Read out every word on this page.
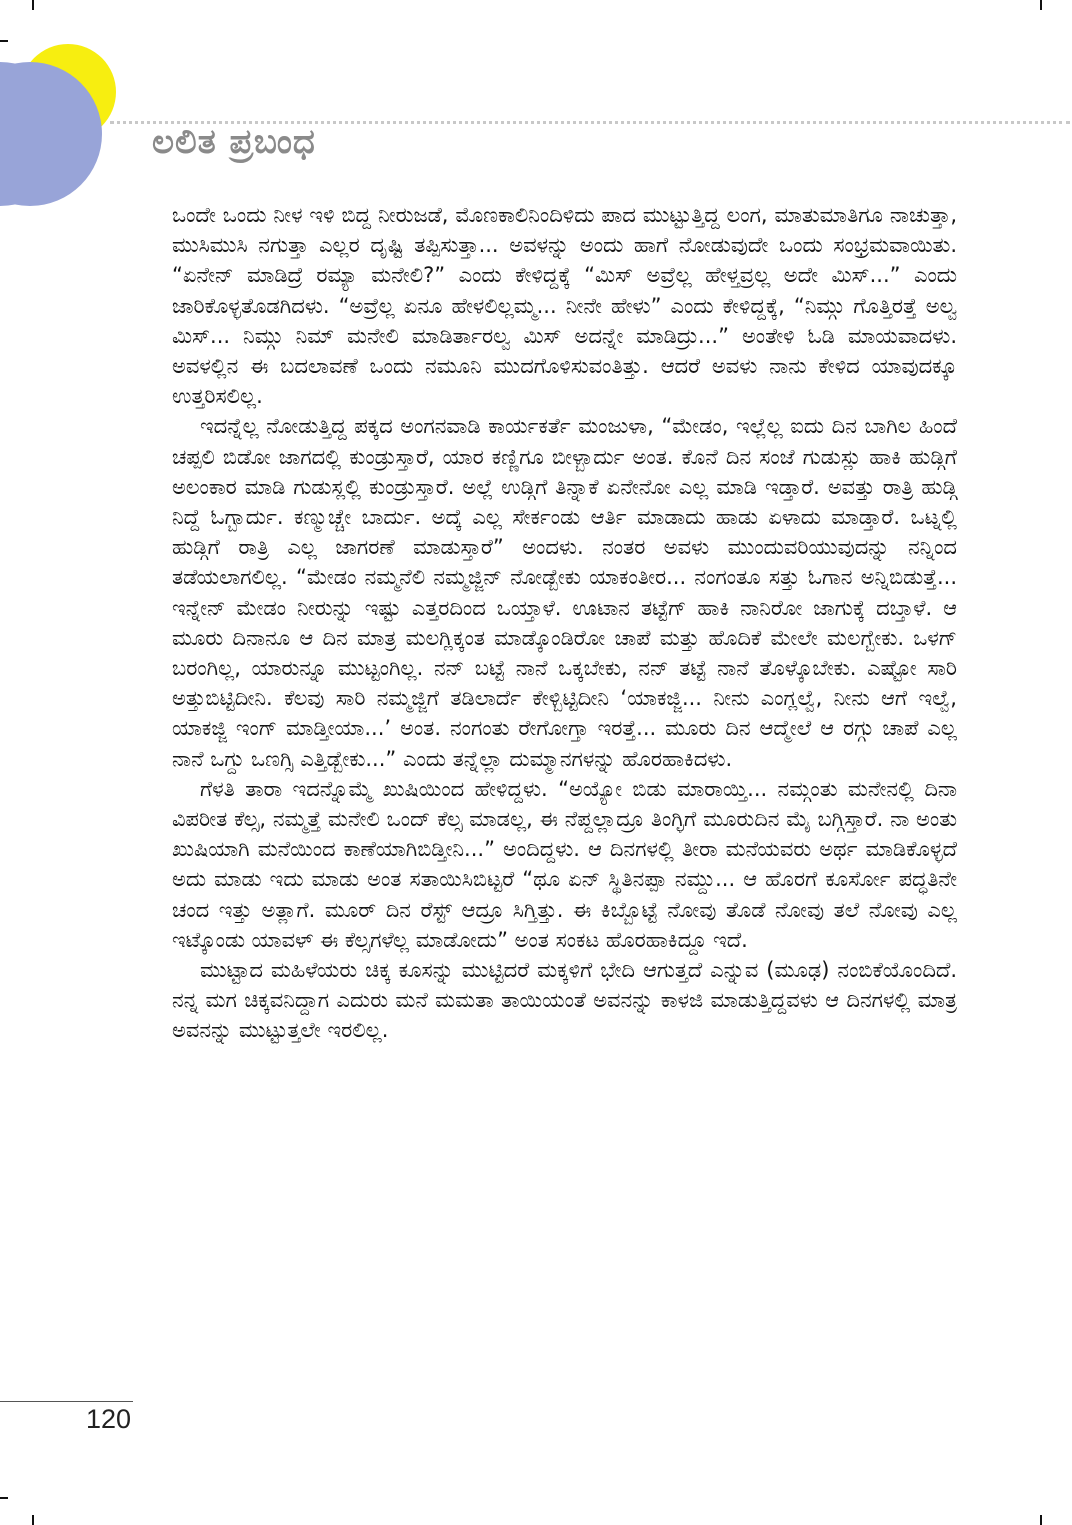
ಲಲಿತ ಪ್ರಬಂಧ

ಒಂದೇ ಒಂದು ನೀಳ ಇಳಿ ಬಿದ್ದ ನೀರುಜಡೆ, ಮೊಣಕಾಲಿನಿಂದಿಳಿದು ಪಾದ ಮುಟ್ಟುತ್ತಿದ್ದ ಲಂಗ, ಮಾತುಮಾತಿಗೂ ನಾಚುತ್ತಾ, ಮುಸಿಮುಸಿ ನಗುತ್ತಾ ಎಲ್ಲರ ದೃಷ್ಟಿ ತಪ್ಪಿಸುತ್ತಾ... ಅವಳನ್ನು ಅಂದು ಹಾಗೆ ನೋಡುವುದೇ ಒಂದು ಸಂಭ್ರಮವಾಯಿತು. “ಏನೇನ್ ಮಾಡಿದ್ರೆ ರಮ್ಯಾ ಮನೇಲಿ?” ಎಂದು ಕೇಳಿದ್ದಕ್ಕೆ “ಮಿಸ್ ಅವ್ರೆಲ್ಲ ಹೇಳ್ತವ್ರಲ್ಲ ಅದೇ ಮಿಸ್...” ಎಂದು ಜಾರಿಕೊಳ್ಳತೊಡಗಿದಳು. “ಅವ್ರೆಲ್ಲ ಏನೂ ಹೇಳಲಿಲ್ಲಮ್ಮ... ನೀನೇ ಹೇಳು” ಎಂದು ಕೇಳಿದ್ದಕ್ಕೆ, “ನಿಮ್ಗು ಗೊತ್ತಿರತ್ತೆ ಅಲ್ವ ಮಿಸ್... ನಿಮ್ಗು ನಿಮ್ ಮನೇಲಿ ಮಾಡಿರ್ತಾರಲ್ವ ಮಿಸ್ ಅದನ್ನೇ ಮಾಡಿದ್ರು...” ಅಂತೇಳಿ ಓಡಿ ಮಾಯವಾದಳು. ಅವಳಲ್ಲಿನ ಈ ಬದಲಾವಣೆ ಒಂದು ನಮೂನಿ ಮುದಗೊಳಿಸುವಂತಿತ್ತು. ಆದರೆ ಅವಳು ನಾನು ಕೇಳಿದ ಯಾವುದಕ್ಕೂ ಉತ್ತರಿಸಲಿಲ್ಲ.

ಇದನ್ನೆಲ್ಲ ನೋಡುತ್ತಿದ್ದ ಪಕ್ಕದ ಅಂಗನವಾಡಿ ಕಾರ್ಯಕರ್ತೆ ಮಂಜುಳಾ, “ಮೇಡಂ, ಇಲ್ಲೆಲ್ಲ ಐದು ದಿನ ಬಾಗಿಲ ಹಿಂದೆ ಚಪ್ಪಲಿ ಬಿಡೋ ಜಾಗದಲ್ಲಿ ಕುಂಡ್ರುಸ್ತಾರೆ, ಯಾರ ಕಣ್ಣಿಗೂ ಬೀಳ್ಬಾರ್ದು ಅಂತ. ಕೊನೆ ದಿನ ಸಂಜೆ ಗುಡುಸ್ಲು ಹಾಕಿ ಹುಡ್ಗಿಗೆ ಅಲಂಕಾರ ಮಾಡಿ ಗುಡುಸ್ಲಲ್ಲಿ ಕುಂಡ್ರುಸ್ತಾರೆ. ಅಲ್ಲೆ ಉಡ್ಗಿಗೆ ತಿನ್ನಾಕೆ ಏನೇನೋ ಎಲ್ಲ ಮಾಡಿ ಇಡ್ತಾರೆ. ಅವತ್ತು ರಾತ್ರಿ ಹುಡ್ಗಿ ನಿದ್ದೆ ಓಗ್ಬಾರ್ದು. ಕಣ್ಮುಚ್ಚೇ ಬಾರ್ದು. ಅದ್ಕೆ ಎಲ್ಲ ಸೇರ್ಕಂಡು ಆರ್ತಿ ಮಾಡಾದು ಹಾಡು ಏಳಾದು ಮಾಡ್ತಾರೆ. ಒಟ್ನಲ್ಲಿ ಹುಡ್ಗಿಗೆ ರಾತ್ರಿ ಎಲ್ಲ ಜಾಗರಣೆ ಮಾಡುಸ್ತಾರೆ” ಅಂದಳು. ನಂತರ ಅವಳು ಮುಂದುವರಿಯುವುದನ್ನು ನನ್ನಿಂದ ತಡೆಯಲಾಗಲಿಲ್ಲ. “ಮೇಡಂ ನಮ್ಮನೆಲಿ ನಮ್ಮಜ್ಜಿನ್ ನೋಡ್ಬೇಕು ಯಾಕಂತೀರ... ನಂಗಂತೂ ಸತ್ತು ಓಗಾನ ಅನ್ನಿಬಿಡುತ್ತೆ... ಇನ್ನೇನ್ ಮೇಡಂ ನೀರುನ್ನು ಇಷ್ಟು ಎತ್ತರದಿಂದ ಒಯ್ತಾಳೆ. ಊಟಾನ ತಟ್ಟೆಗ್ ಹಾಕಿ ನಾನಿರೋ ಜಾಗುಕ್ಕೆ ದಬ್ತಾಳೆ. ಆ ಮೂರು ದಿನಾನೂ ಆ ದಿನ ಮಾತ್ರ ಮಲಗ್ಲಿಕ್ಕಂತ ಮಾಡ್ಕೊಂಡಿರೋ ಚಾಪೆ ಮತ್ತು ಹೊದಿಕೆ ಮೇಲೇ ಮಲಗ್ಬೇಕು. ಒಳಗ್ ಬರಂಗಿಲ್ಲ, ಯಾರುನ್ನೂ ಮುಟ್ಟಂಗಿಲ್ಲ. ನನ್ ಬಟ್ಟೆ ನಾನೆ ಒಕ್ಕಬೇಕು, ನನ್ ತಟ್ಟೆ ನಾನೆ ತೊಳ್ಕೊಬೇಕು. ಎಷ್ಟೋ ಸಾರಿ ಅತ್ತುಬಿಟ್ಟಿದೀನಿ. ಕೆಲವು ಸಾರಿ ನಮ್ಮಜ್ಜಿಗೆ ತಡಿಲಾರ್ದೆ ಕೇಳ್ಬಿಟ್ಟಿದೀನಿ ‘ಯಾಕಜ್ಜಿ... ನೀನು ಎಂಗ್ಲಲ್ವೆ, ನೀನು ಆಗೆ ಇಲ್ವೆ, ಯಾಕಜ್ಜಿ ಇಂಗ್ ಮಾಡ್ತೀಯಾ...’ ಅಂತ. ನಂಗಂತು ರೇಗೋಗ್ತಾ ಇರತ್ತೆ... ಮೂರು ದಿನ ಆದ್ಮೇಲೆ ಆ ರಗ್ಗು ಚಾಪೆ ಎಲ್ಲ ನಾನೆ ಒಗ್ದು ಒಣಗ್ಸಿ ಎತ್ತಿಡ್ಬೇಕು...” ಎಂದು ತನ್ನೆಲ್ಲಾ ದುಮ್ಮಾನಗಳನ್ನು ಹೊರಹಾಕಿದಳು.

ಗೆಳತಿ ತಾರಾ ಇದನ್ನೊಮ್ಮೆ ಖುಷಿಯಿಂದ ಹೇಳಿದ್ದಳು. “ಅಯ್ಯೋ ಬಿಡು ಮಾರಾಯ್ತಿ... ನಮ್ಗಂತು ಮನೇನಲ್ಲಿ ದಿನಾ ವಿಪರೀತ ಕೆಲ್ಸ, ನಮ್ಮತ್ತೆ ಮನೇಲಿ ಒಂದ್ ಕೆಲ್ಸ ಮಾಡಲ್ಲ, ಈ ನೆಪ್ದಲ್ಲಾದ್ರೂ ತಿಂಗ್ಳಿಗೆ ಮೂರುದಿನ ಮೈ ಬಗ್ಗಿಸ್ತಾರೆ. ನಾ ಅಂತು ಖುಷಿಯಾಗಿ ಮನೆಯಿಂದ ಕಾಣೆಯಾಗಿಬಿಡ್ತೀನಿ...” ಅಂದಿದ್ದಳು. ಆ ದಿನಗಳಲ್ಲಿ ತೀರಾ ಮನೆಯವರು ಅರ್ಥ ಮಾಡಿಕೊಳ್ಳದೆ ಅದು ಮಾಡು ಇದು ಮಾಡು ಅಂತ ಸತಾಯಿಸಿಬಿಟ್ಟರೆ “ಥೂ ಏನ್ ಸ್ಥಿತಿನಪ್ಪಾ ನಮ್ದು... ಆ ಹೊರಗೆ ಕೂರ್ಸೋ ಪದ್ಧತಿನೇ ಚಂದ ಇತ್ತು ಅತ್ಲಾಗೆ. ಮೂರ್ ದಿನ ರೆಸ್ಟ್ ಆದ್ರೂ ಸಿಗ್ತಿತ್ತು. ಈ ಕಿಬ್ಬೊಟ್ಟೆ ನೋವು ತೊಡೆ ನೋವು ತಲೆ ನೋವು ಎಲ್ಲ ಇಟ್ಕೊಂಡು ಯಾವಳ್ ಈ ಕೆಲ್ಸಗಳೆಲ್ಲ ಮಾಡೋದು” ಅಂತ ಸಂಕಟ ಹೊರಹಾಕಿದ್ದೂ ಇದೆ.

ಮುಟ್ಟಾದ ಮಹಿಳೆಯರು ಚಿಕ್ಕ ಕೂಸನ್ನು ಮುಟ್ಟಿದರೆ ಮಕ್ಕಳಿಗೆ ಭೇದಿ ಆಗುತ್ತದೆ ಎನ್ನುವ (ಮೂಢ) ನಂಬಿಕೆಯೊಂದಿದೆ. ನನ್ನ ಮಗ ಚಿಕ್ಕವನಿದ್ದಾಗ ಎದುರು ಮನೆ ಮಮತಾ ತಾಯಿಯಂತೆ ಅವನನ್ನು ಕಾಳಜಿ ಮಾಡುತ್ತಿದ್ದವಳು ಆ ದಿನಗಳಲ್ಲಿ ಮಾತ್ರ ಅವನನ್ನು ಮುಟ್ಟುತ್ತಲೇ ಇರಲಿಲ್ಲ.

120
